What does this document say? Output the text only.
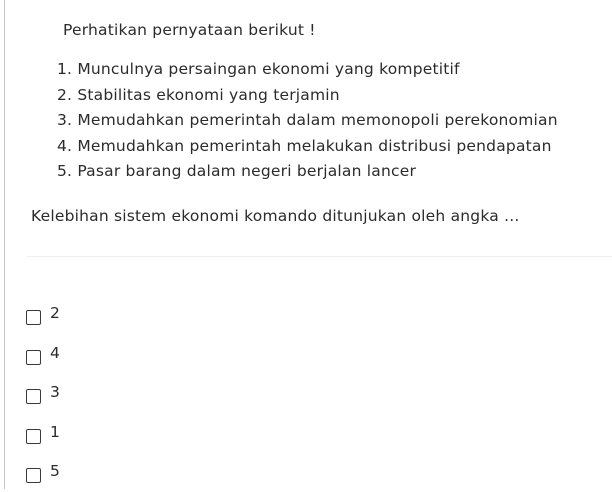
Perhatikan pernyataan berikut !

1. Munculnya persaingan ekonomi yang kompetitif
2. Stabilitas ekonomi yang terjamin
3. Memudahkan pemerintah dalam memonopoli perekonomian
4. Memudahkan pemerintah melakukan distribusi pendapatan
5. Pasar barang dalam negeri berjalan lancer

Kelebihan sistem ekonomi komando ditunjukan oleh angka ...

2
4
3
1
5
